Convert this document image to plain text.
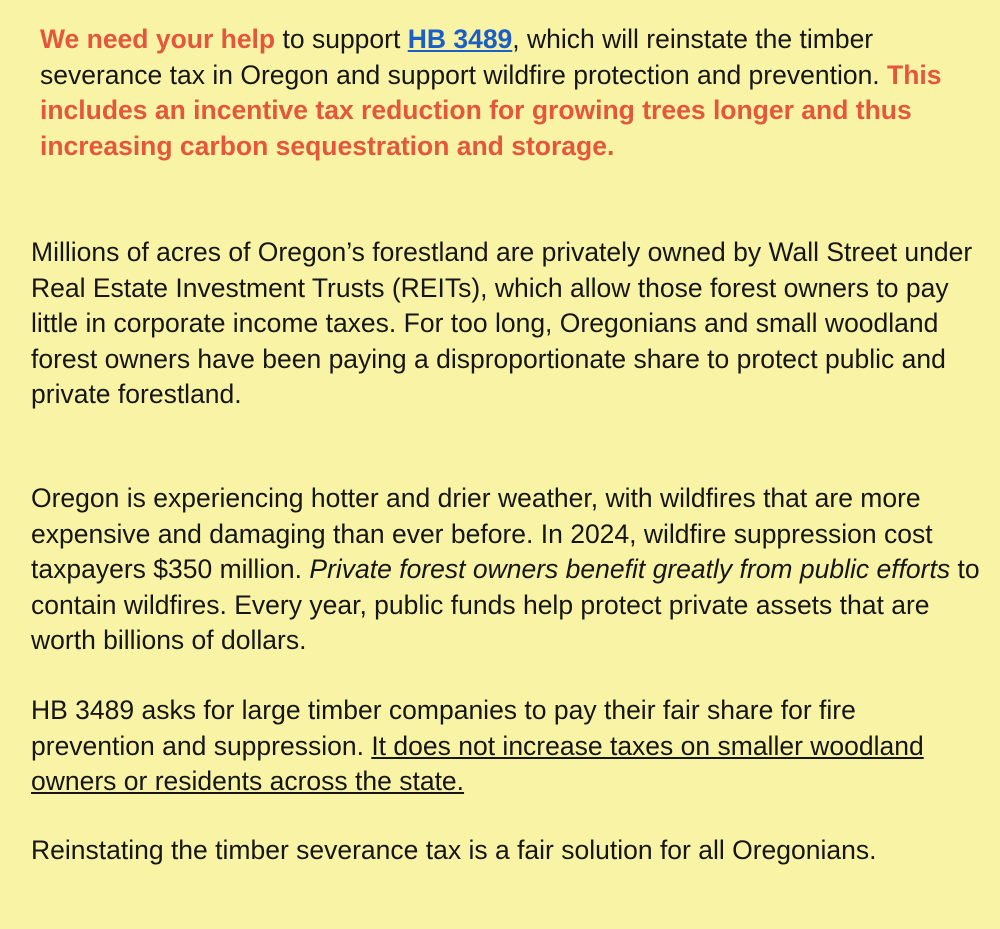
We need your help to support HB 3489, which will reinstate the timber severance tax in Oregon and support wildfire protection and prevention. This includes an incentive tax reduction for growing trees longer and thus increasing carbon sequestration and storage.

Millions of acres of Oregon’s forestland are privately owned by Wall Street under Real Estate Investment Trusts (REITs), which allow those forest owners to pay little in corporate income taxes. For too long, Oregonians and small woodland forest owners have been paying a disproportionate share to protect public and private forestland.

Oregon is experiencing hotter and drier weather, with wildfires that are more expensive and damaging than ever before. In 2024, wildfire suppression cost taxpayers $350 million. Private forest owners benefit greatly from public efforts to contain wildfires. Every year, public funds help protect private assets that are worth billions of dollars.

HB 3489 asks for large timber companies to pay their fair share for fire prevention and suppression. It does not increase taxes on smaller woodland owners or residents across the state.

Reinstating the timber severance tax is a fair solution for all Oregonians.
